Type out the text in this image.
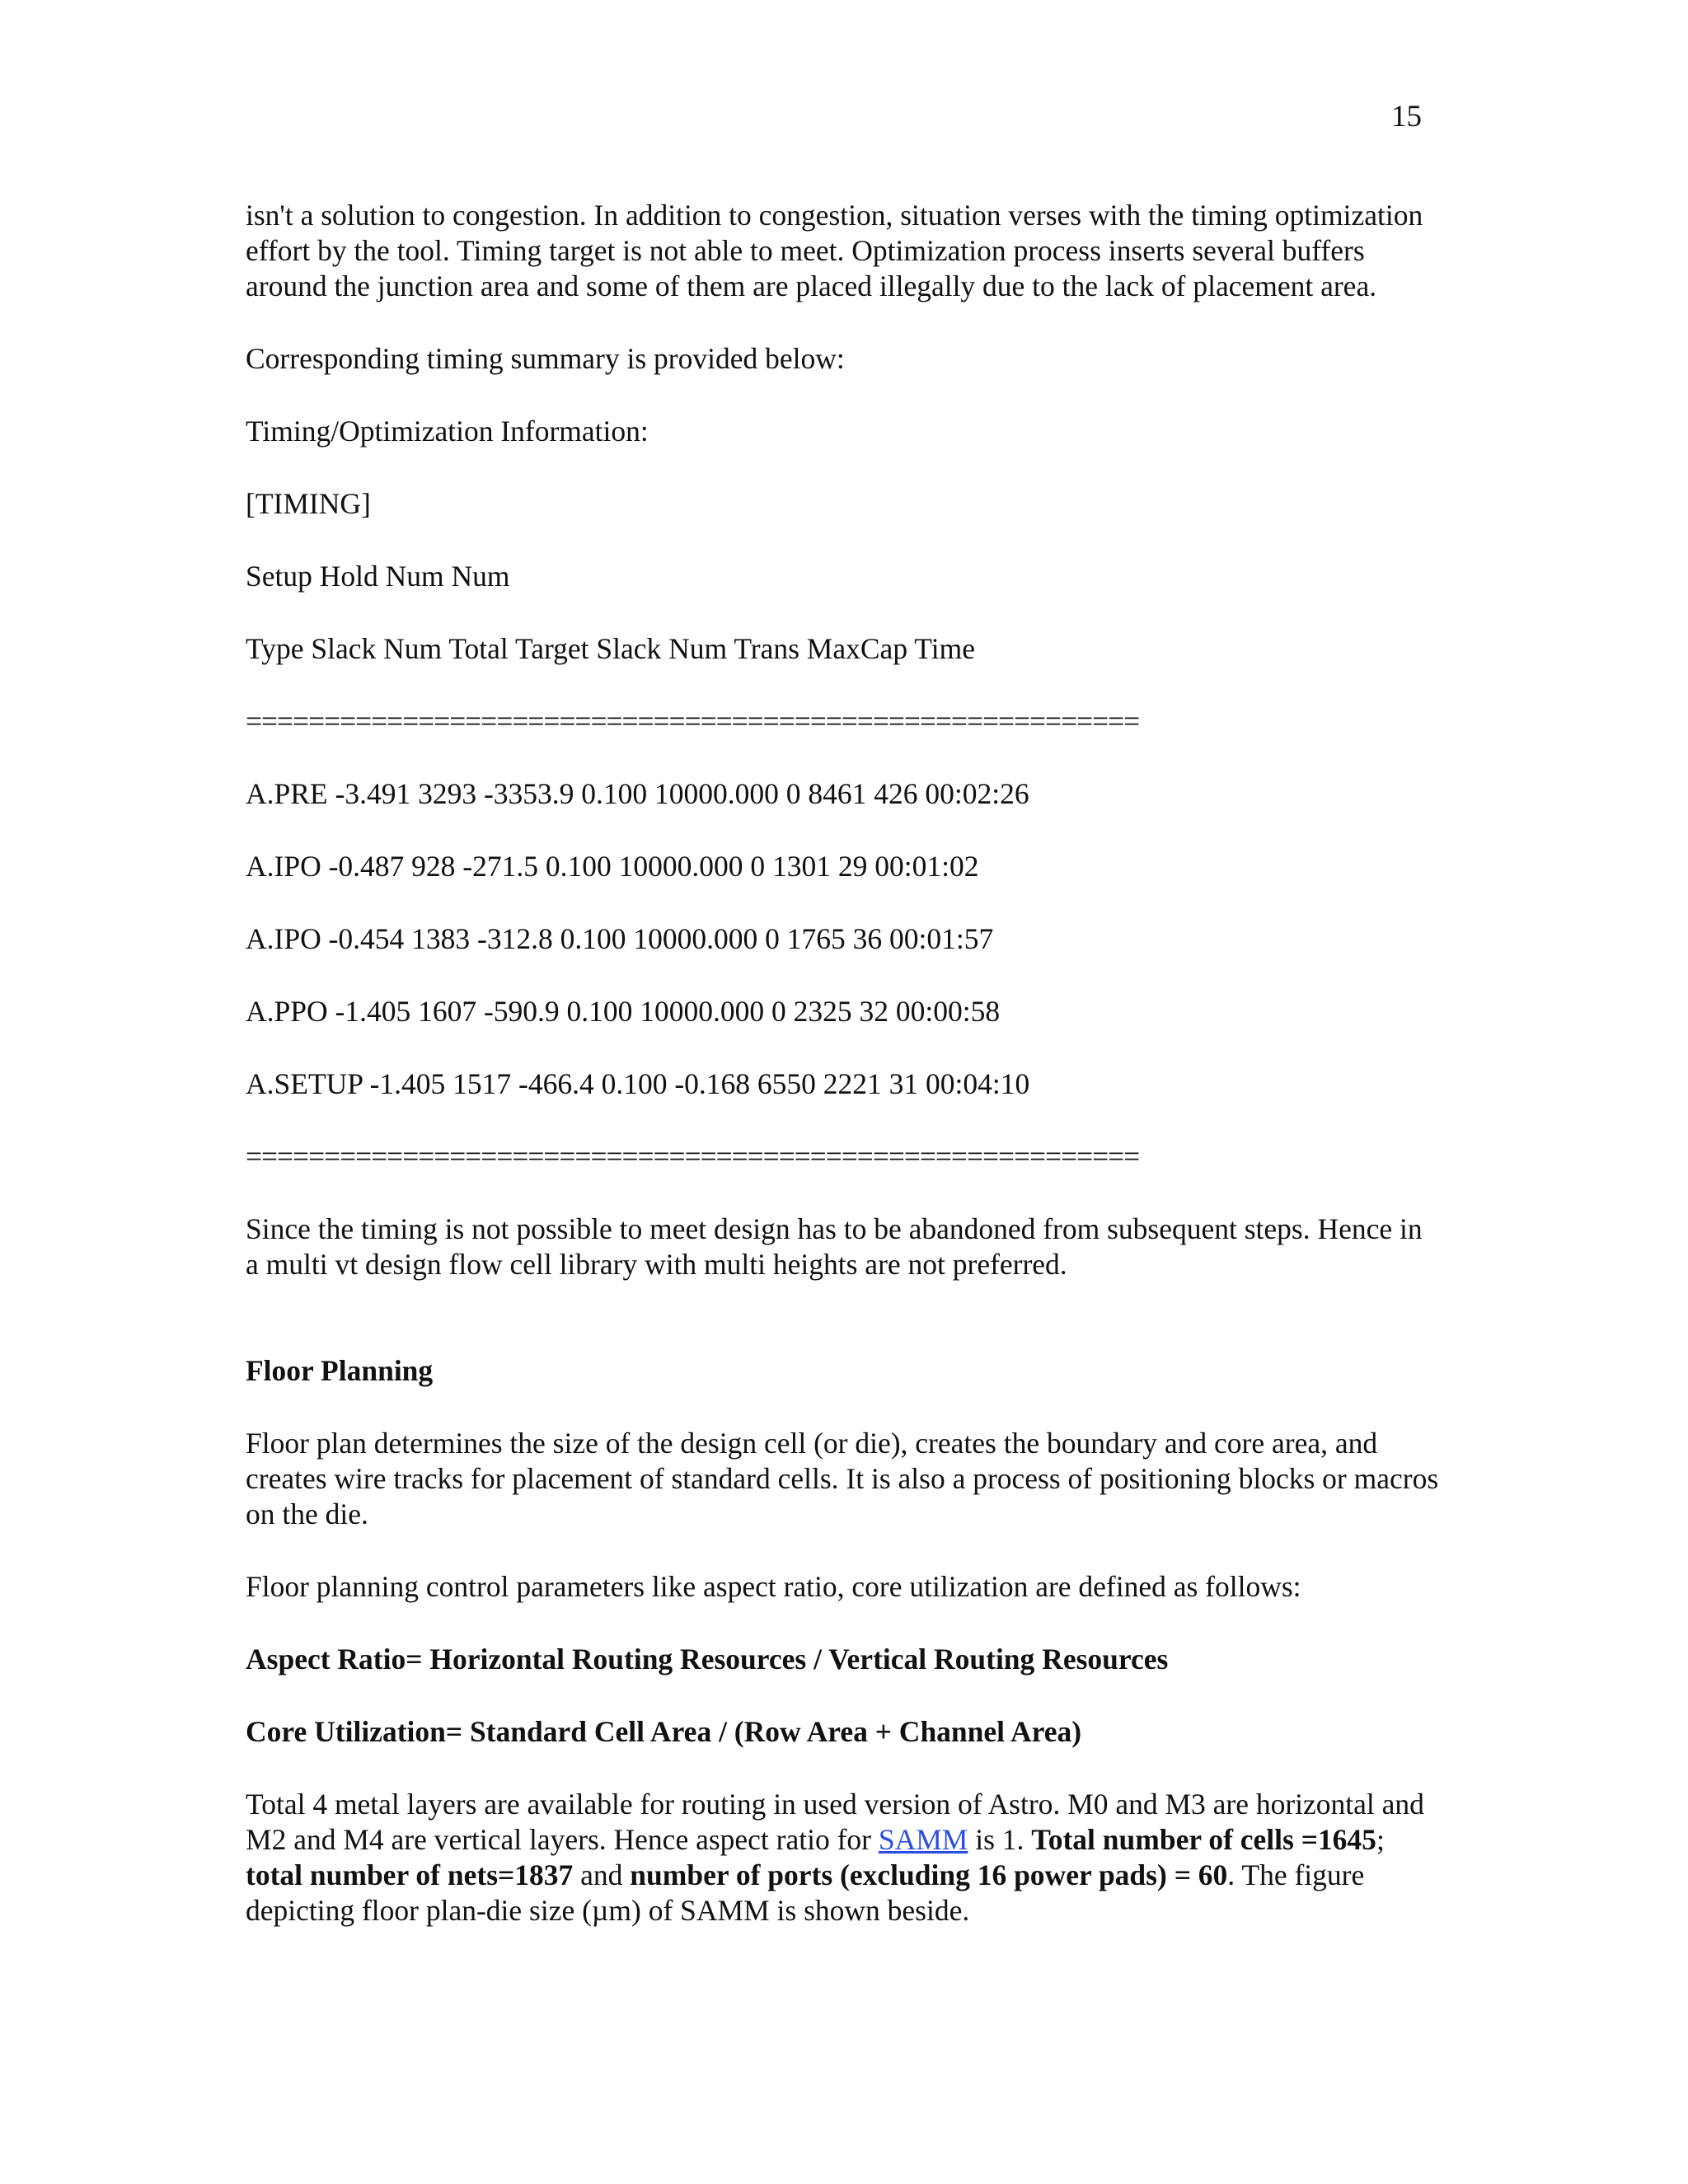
15

isn't a solution to congestion. In addition to congestion, situation verses with the timing optimization effort by the tool. Timing target is not able to meet. Optimization process inserts several buffers around the junction area and some of them are placed illegally due to the lack of placement area.

Corresponding timing summary is provided below:

Timing/Optimization Information:

[TIMING]

Setup Hold Num Num

Type Slack Num Total Target Slack Num Trans MaxCap Time

=========================================================

A.PRE -3.491 3293 -3353.9 0.100 10000.000 0 8461 426 00:02:26

A.IPO -0.487 928 -271.5 0.100 10000.000 0 1301 29 00:01:02

A.IPO -0.454 1383 -312.8 0.100 10000.000 0 1765 36 00:01:57

A.PPO -1.405 1607 -590.9 0.100 10000.000 0 2325 32 00:00:58

A.SETUP -1.405 1517 -466.4 0.100 -0.168 6550 2221 31 00:04:10

=========================================================

Since the timing is not possible to meet design has to be abandoned from subsequent steps. Hence in a multi vt design flow cell library with multi heights are not preferred.

Floor Planning

Floor plan determines the size of the design cell (or die), creates the boundary and core area, and creates wire tracks for placement of standard cells. It is also a process of positioning blocks or macros on the die.

Floor planning control parameters like aspect ratio, core utilization are defined as follows:

Aspect Ratio= Horizontal Routing Resources / Vertical Routing Resources

Core Utilization= Standard Cell Area / (Row Area + Channel Area)

Total 4 metal layers are available for routing in used version of Astro. M0 and M3 are horizontal and M2 and M4 are vertical layers. Hence aspect ratio for SAMM is 1. Total number of cells =1645; total number of nets=1837 and number of ports (excluding 16 power pads) = 60. The figure depicting floor plan-die size (µm) of SAMM is shown beside.
